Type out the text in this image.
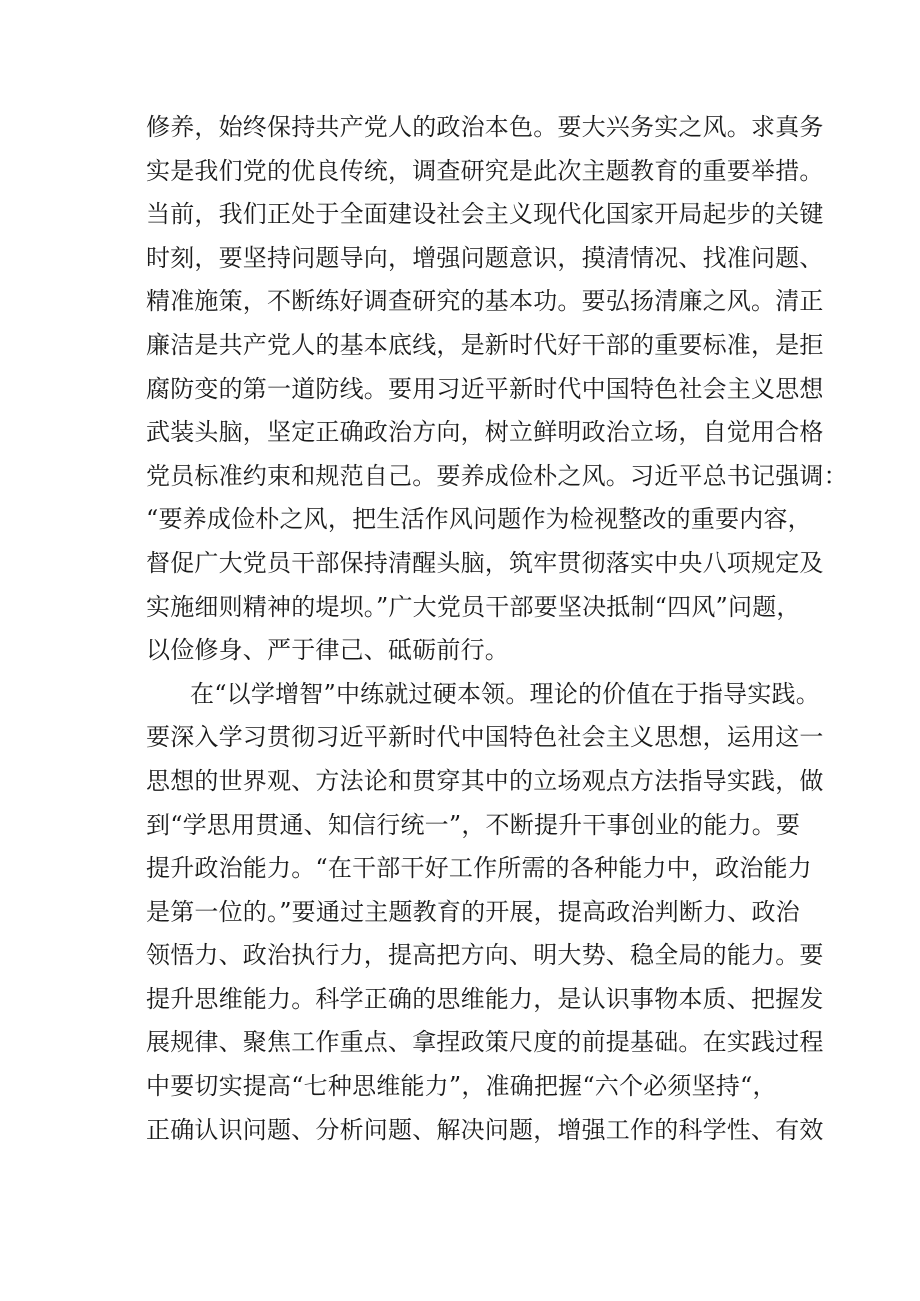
修养，始终保持共产党人的政治本色。要大兴务实之风。求真务
实是我们党的优良传统，调查研究是此次主题教育的重要举措。
当前，我们正处于全面建设社会主义现代化国家开局起步的关键
时刻，要坚持问题导向，增强问题意识，摸清情况、找准问题、
精准施策，不断练好调查研究的基本功。要弘扬清廉之风。清正
廉洁是共产党人的基本底线，是新时代好干部的重要标准，是拒
腐防变的第一道防线。要用习近平新时代中国特色社会主义思想
武装头脑，坚定正确政治方向，树立鲜明政治立场，自觉用合格
党员标准约束和规范自己。要养成俭朴之风。习近平总书记强调：
“要养成俭朴之风，把生活作风问题作为检视整改的重要内容，
督促广大党员干部保持清醒头脑，筑牢贯彻落实中央八项规定及
实施细则精神的堤坝。”广大党员干部要坚决抵制“四风”问题，
以俭修身、严于律己、砥砺前行。
在“以学增智”中练就过硬本领。理论的价值在于指导实践。
要深入学习贯彻习近平新时代中国特色社会主义思想，运用这一
思想的世界观、方法论和贯穿其中的立场观点方法指导实践，做
到“学思用贯通、知信行统一”，不断提升干事创业的能力。要
提升政治能力。“在干部干好工作所需的各种能力中，政治能力
是第一位的。”要通过主题教育的开展，提高政治判断力、政治
领悟力、政治执行力，提高把方向、明大势、稳全局的能力。要
提升思维能力。科学正确的思维能力，是认识事物本质、把握发
展规律、聚焦工作重点、拿捏政策尺度的前提基础。在实践过程
中要切实提高“七种思维能力”，准确把握“六个必须坚持“，
正确认识问题、分析问题、解决问题，增强工作的科学性、有效
